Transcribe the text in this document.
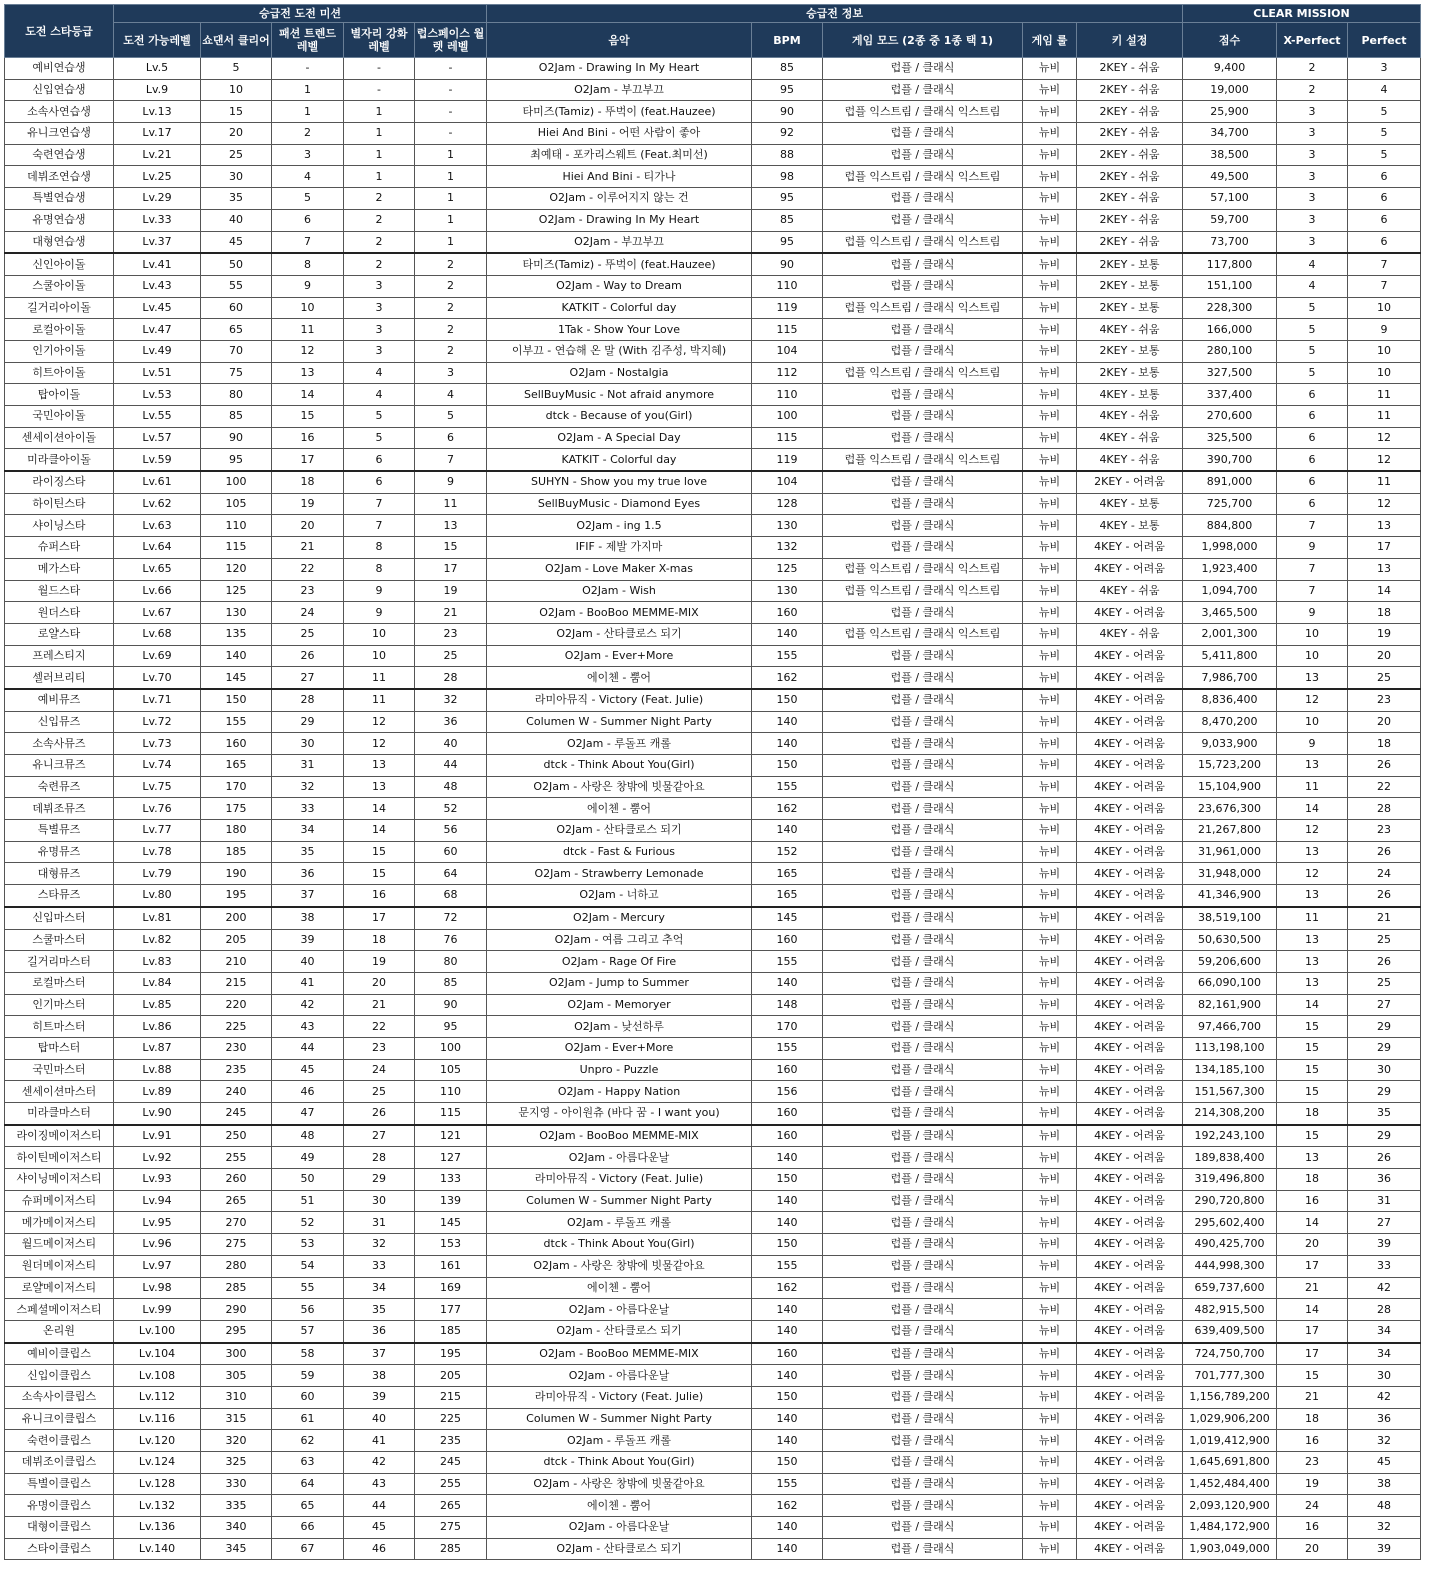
도전 스타등급	승급전 도전 미션					승급전 정보					CLEAR MISSION		
	도전 가능레벨	쇼댄서 클리어	패션 트렌드 레벨	별자리 강화 레벨	럽스페이스 월렛 레벨	음악	BPM	게임 모드 (2종 중 1종 택 1)	게임 룰	키 설정	점수	X-Perfect	Perfect
예비연습생	Lv.5	5	-	-	-	O2Jam - Drawing In My Heart	85	럽플 / 클래식	뉴비	2KEY - 쉬움	9,400	2	3
신입연습생	Lv.9	10	1	-	-	O2Jam - 부끄부끄	95	럽플 / 클래식	뉴비	2KEY - 쉬움	19,000	2	4
소속사연습생	Lv.13	15	1	1	-	타미즈(Tamiz) - 뚜벅이 (feat.Hauzee)	90	럽플 익스트림 / 클래식 익스트림	뉴비	2KEY - 쉬움	25,900	3	5
유니크연습생	Lv.17	20	2	1	-	Hiei And Bini - 어떤 사람이 좋아	92	럽플 / 클래식	뉴비	2KEY - 쉬움	34,700	3	5
숙련연습생	Lv.21	25	3	1	1	최예태 - 포카리스웨트 (Feat.최미선)	88	럽플 / 클래식	뉴비	2KEY - 쉬움	38,500	3	5
데뷔조연습생	Lv.25	30	4	1	1	Hiei And Bini - 티가나	98	럽플 익스트림 / 클래식 익스트림	뉴비	2KEY - 쉬움	49,500	3	6
특별연습생	Lv.29	35	5	2	1	O2Jam - 이루어지지 않는 건	95	럽플 / 클래식	뉴비	2KEY - 쉬움	57,100	3	6
유명연습생	Lv.33	40	6	2	1	O2Jam - Drawing In My Heart	85	럽플 / 클래식	뉴비	2KEY - 쉬움	59,700	3	6
대형연습생	Lv.37	45	7	2	1	O2Jam - 부끄부끄	95	럽플 익스트림 / 클래식 익스트림	뉴비	2KEY - 쉬움	73,700	3	6
신인아이돌	Lv.41	50	8	2	2	타미즈(Tamiz) - 뚜벅이 (feat.Hauzee)	90	럽플 / 클래식	뉴비	2KEY - 보통	117,800	4	7
스쿨아이돌	Lv.43	55	9	3	2	O2Jam - Way to Dream	110	럽플 / 클래식	뉴비	2KEY - 보통	151,100	4	7
길거리아이돌	Lv.45	60	10	3	2	KATKIT - Colorful day	119	럽플 익스트림 / 클래식 익스트림	뉴비	2KEY - 보통	228,300	5	10
로컬아이돌	Lv.47	65	11	3	2	1Tak - Show Your Love	115	럽플 / 클래식	뉴비	4KEY - 쉬움	166,000	5	9
인기아이돌	Lv.49	70	12	3	2	이부끄 - 연습해 온 말 (With 김주성, 박지혜)	104	럽플 / 클래식	뉴비	2KEY - 보통	280,100	5	10
히트아이돌	Lv.51	75	13	4	3	O2Jam - Nostalgia	112	럽플 익스트림 / 클래식 익스트림	뉴비	2KEY - 보통	327,500	5	10
탑아이돌	Lv.53	80	14	4	4	SellBuyMusic - Not afraid anymore	110	럽플 / 클래식	뉴비	4KEY - 보통	337,400	6	11
국민아이돌	Lv.55	85	15	5	5	dtck - Because of you(Girl)	100	럽플 / 클래식	뉴비	4KEY - 쉬움	270,600	6	11
센세이션아이돌	Lv.57	90	16	5	6	O2Jam - A Special Day	115	럽플 / 클래식	뉴비	4KEY - 쉬움	325,500	6	12
미라클아이돌	Lv.59	95	17	6	7	KATKIT - Colorful day	119	럽플 익스트림 / 클래식 익스트림	뉴비	4KEY - 쉬움	390,700	6	12
라이징스타	Lv.61	100	18	6	9	SUHYN - Show you my true love	104	럽플 / 클래식	뉴비	2KEY - 어려움	891,000	6	11
하이틴스타	Lv.62	105	19	7	11	SellBuyMusic - Diamond Eyes	128	럽플 / 클래식	뉴비	4KEY - 보통	725,700	6	12
샤이닝스타	Lv.63	110	20	7	13	O2Jam - ing 1.5	130	럽플 / 클래식	뉴비	4KEY - 보통	884,800	7	13
슈퍼스타	Lv.64	115	21	8	15	IFIF - 제발 가지마	132	럽플 / 클래식	뉴비	4KEY - 어려움	1,998,000	9	17
메가스타	Lv.65	120	22	8	17	O2Jam - Love Maker X-mas	125	럽플 익스트림 / 클래식 익스트림	뉴비	4KEY - 어려움	1,923,400	7	13
월드스타	Lv.66	125	23	9	19	O2Jam - Wish	130	럽플 익스트림 / 클래식 익스트림	뉴비	4KEY - 쉬움	1,094,700	7	14
원더스타	Lv.67	130	24	9	21	O2Jam - BooBoo MEMME-MIX	160	럽플 / 클래식	뉴비	4KEY - 어려움	3,465,500	9	18
로얄스타	Lv.68	135	25	10	23	O2Jam - 산타클로스 되기	140	럽플 익스트림 / 클래식 익스트림	뉴비	4KEY - 쉬움	2,001,300	10	19
프레스티지	Lv.69	140	26	10	25	O2Jam - Ever+More	155	럽플 / 클래식	뉴비	4KEY - 어려움	5,411,800	10	20
셀러브리티	Lv.70	145	27	11	28	에이첸 - 뿜어	162	럽플 / 클래식	뉴비	4KEY - 어려움	7,986,700	13	25
예비뮤즈	Lv.71	150	28	11	32	라미아뮤직 - Victory (Feat. Julie)	150	럽플 / 클래식	뉴비	4KEY - 어려움	8,836,400	12	23
신입뮤즈	Lv.72	155	29	12	36	Columen W - Summer Night Party	140	럽플 / 클래식	뉴비	4KEY - 어려움	8,470,200	10	20
소속사뮤즈	Lv.73	160	30	12	40	O2Jam - 루돌프 캐롤	140	럽플 / 클래식	뉴비	4KEY - 어려움	9,033,900	9	18
유니크뮤즈	Lv.74	165	31	13	44	dtck - Think About You(Girl)	150	럽플 / 클래식	뉴비	4KEY - 어려움	15,723,200	13	26
숙련뮤즈	Lv.75	170	32	13	48	O2Jam - 사랑은 창밖에 빗물같아요	155	럽플 / 클래식	뉴비	4KEY - 어려움	15,104,900	11	22
데뷔조뮤즈	Lv.76	175	33	14	52	에이첸 - 뿜어	162	럽플 / 클래식	뉴비	4KEY - 어려움	23,676,300	14	28
특별뮤즈	Lv.77	180	34	14	56	O2Jam - 산타클로스 되기	140	럽플 / 클래식	뉴비	4KEY - 어려움	21,267,800	12	23
유명뮤즈	Lv.78	185	35	15	60	dtck - Fast & Furious	152	럽플 / 클래식	뉴비	4KEY - 어려움	31,961,000	13	26
대형뮤즈	Lv.79	190	36	15	64	O2Jam - Strawberry Lemonade	165	럽플 / 클래식	뉴비	4KEY - 어려움	31,948,000	12	24
스타뮤즈	Lv.80	195	37	16	68	O2Jam - 너하고	165	럽플 / 클래식	뉴비	4KEY - 어려움	41,346,900	13	26
신입마스터	Lv.81	200	38	17	72	O2Jam - Mercury	145	럽플 / 클래식	뉴비	4KEY - 어려움	38,519,100	11	21
스쿨마스터	Lv.82	205	39	18	76	O2Jam - 여름 그리고 추억	160	럽플 / 클래식	뉴비	4KEY - 어려움	50,630,500	13	25
길거리마스터	Lv.83	210	40	19	80	O2Jam - Rage Of Fire	155	럽플 / 클래식	뉴비	4KEY - 어려움	59,206,600	13	26
로컬마스터	Lv.84	215	41	20	85	O2Jam - Jump to Summer	140	럽플 / 클래식	뉴비	4KEY - 어려움	66,090,100	13	25
인기마스터	Lv.85	220	42	21	90	O2Jam - Memoryer	148	럽플 / 클래식	뉴비	4KEY - 어려움	82,161,900	14	27
히트마스터	Lv.86	225	43	22	95	O2Jam - 낮선하루	170	럽플 / 클래식	뉴비	4KEY - 어려움	97,466,700	15	29
탑마스터	Lv.87	230	44	23	100	O2Jam - Ever+More	155	럽플 / 클래식	뉴비	4KEY - 어려움	113,198,100	15	29
국민마스터	Lv.88	235	45	24	105	Unpro - Puzzle	160	럽플 / 클래식	뉴비	4KEY - 어려움	134,185,100	15	30
센세이션마스터	Lv.89	240	46	25	110	O2Jam - Happy Nation	156	럽플 / 클래식	뉴비	4KEY - 어려움	151,567,300	15	29
미라클마스터	Lv.90	245	47	26	115	문지영 - 아이원츄 (바다 꿈 - I want you)	160	럽플 / 클래식	뉴비	4KEY - 어려움	214,308,200	18	35
라이징메이저스티	Lv.91	250	48	27	121	O2Jam - BooBoo MEMME-MIX	160	럽플 / 클래식	뉴비	4KEY - 어려움	192,243,100	15	29
하이틴메이저스티	Lv.92	255	49	28	127	O2Jam - 아름다운날	140	럽플 / 클래식	뉴비	4KEY - 어려움	189,838,400	13	26
샤이닝메이저스티	Lv.93	260	50	29	133	라미아뮤직 - Victory (Feat. Julie)	150	럽플 / 클래식	뉴비	4KEY - 어려움	319,496,800	18	36
슈퍼메이저스티	Lv.94	265	51	30	139	Columen W - Summer Night Party	140	럽플 / 클래식	뉴비	4KEY - 어려움	290,720,800	16	31
메가메이저스티	Lv.95	270	52	31	145	O2Jam - 루돌프 캐롤	140	럽플 / 클래식	뉴비	4KEY - 어려움	295,602,400	14	27
월드메이저스티	Lv.96	275	53	32	153	dtck - Think About You(Girl)	150	럽플 / 클래식	뉴비	4KEY - 어려움	490,425,700	20	39
원더메이저스티	Lv.97	280	54	33	161	O2Jam - 사랑은 창밖에 빗물같아요	155	럽플 / 클래식	뉴비	4KEY - 어려움	444,998,300	17	33
로얄메이저스티	Lv.98	285	55	34	169	에이첸 - 뿜어	162	럽플 / 클래식	뉴비	4KEY - 어려움	659,737,600	21	42
스페셜메이저스티	Lv.99	290	56	35	177	O2Jam - 아름다운날	140	럽플 / 클래식	뉴비	4KEY - 어려움	482,915,500	14	28
온리원	Lv.100	295	57	36	185	O2Jam - 산타클로스 되기	140	럽플 / 클래식	뉴비	4KEY - 어려움	639,409,500	17	34
예비이클립스	Lv.104	300	58	37	195	O2Jam - BooBoo MEMME-MIX	160	럽플 / 클래식	뉴비	4KEY - 어려움	724,750,700	17	34
신입이클립스	Lv.108	305	59	38	205	O2Jam - 아름다운날	140	럽플 / 클래식	뉴비	4KEY - 어려움	701,777,300	15	30
소속사이클립스	Lv.112	310	60	39	215	라미아뮤직 - Victory (Feat. Julie)	150	럽플 / 클래식	뉴비	4KEY - 어려움	1,156,789,200	21	42
유니크이클립스	Lv.116	315	61	40	225	Columen W - Summer Night Party	140	럽플 / 클래식	뉴비	4KEY - 어려움	1,029,906,200	18	36
숙련이클립스	Lv.120	320	62	41	235	O2Jam - 루돌프 캐롤	140	럽플 / 클래식	뉴비	4KEY - 어려움	1,019,412,900	16	32
데뷔조이클립스	Lv.124	325	63	42	245	dtck - Think About You(Girl)	150	럽플 / 클래식	뉴비	4KEY - 어려움	1,645,691,800	23	45
특별이클립스	Lv.128	330	64	43	255	O2Jam - 사랑은 창밖에 빗물같아요	155	럽플 / 클래식	뉴비	4KEY - 어려움	1,452,484,400	19	38
유명이클립스	Lv.132	335	65	44	265	에이첸 - 뿜어	162	럽플 / 클래식	뉴비	4KEY - 어려움	2,093,120,900	24	48
대형이클립스	Lv.136	340	66	45	275	O2Jam - 아름다운날	140	럽플 / 클래식	뉴비	4KEY - 어려움	1,484,172,900	16	32
스타이클립스	Lv.140	345	67	46	285	O2Jam - 산타클로스 되기	140	럽플 / 클래식	뉴비	4KEY - 어려움	1,903,049,000	20	39
